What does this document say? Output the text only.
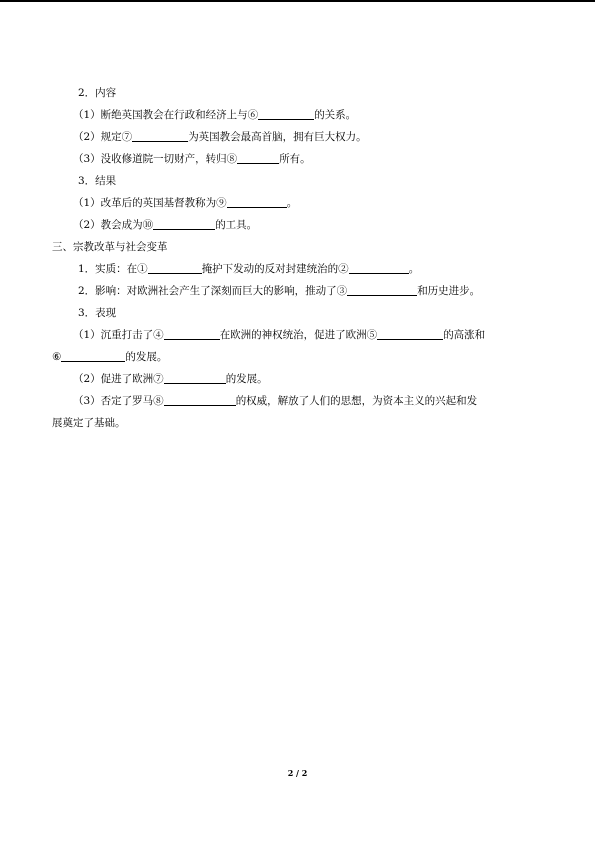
2．内容
（1）断绝英国教会在行政和经济上与⑥	的关系。
（2）规定⑦	为英国教会最高首脑，拥有巨大权力。
（3）没收修道院一切财产，转归⑧	所有。
3．结果
（1）改革后的英国基督教称为⑨	。
（2）教会成为⑩	的工具。
三、宗教改革与社会变革
1．实质：在①	掩护下发动的反对封建统治的②	。
2．影响：对欧洲社会产生了深刻而巨大的影响，推动了③	和历史进步。
3．表现
（1）沉重打击了④	在欧洲的神权统治，促进了欧洲⑤	的高涨和
⑥	的发展。
（2）促进了欧洲⑦	的发展。
（3）否定了罗马⑧	的权威，解放了人们的思想，为资本主义的兴起和发
展奠定了基础。
2 / 2
